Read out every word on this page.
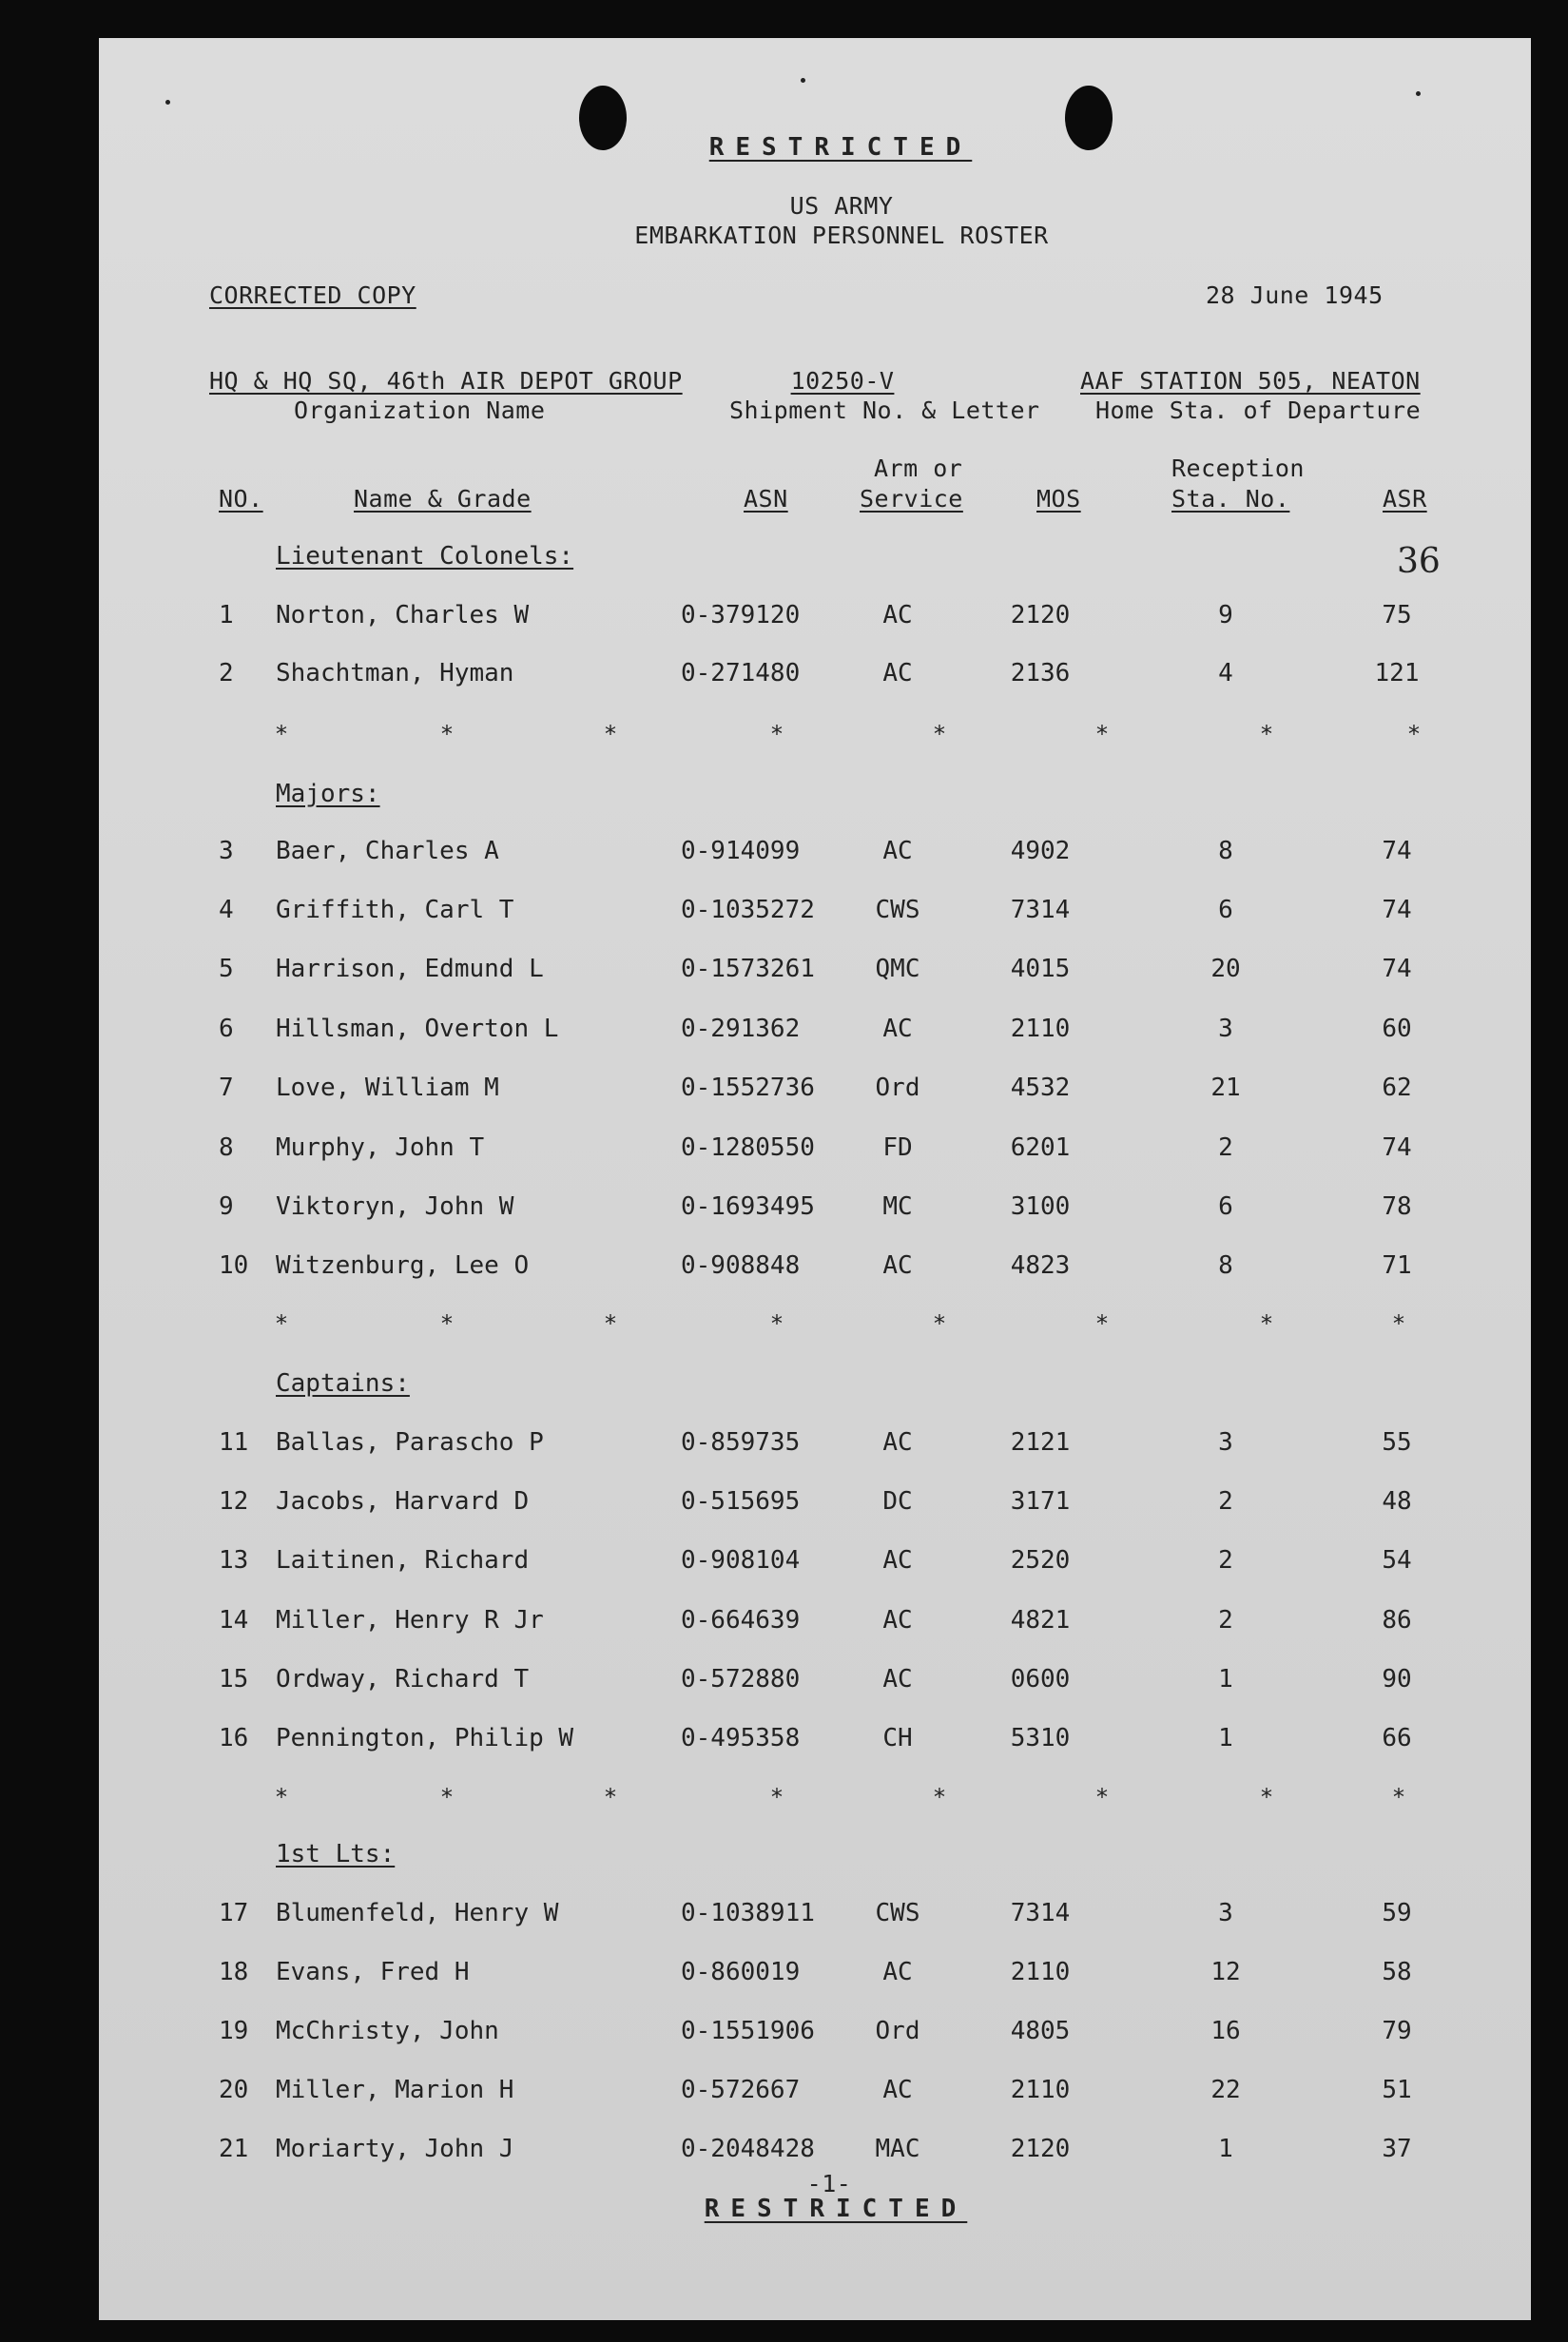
RESTRICTED
US ARMY
EMBARKATION PERSONNEL ROSTER
CORRECTED COPY	28 June 1945
HQ & HQ SQ, 46th AIR DEPOT GROUP
Organization Name
10250-V
Shipment No. & Letter
AAF STATION 505, NEATON
Home Sta. of Departure
NO.	Name & Grade	ASN
Arm or
Service	MOS
Reception
Sta. No.	ASR
Lieutenant Colonels:	36
1 Norton, Charles W	0-379120	AC	2120	9	75
2 Shachtman, Hyman	0-271480	AC	2136	4	121
*	*	*	*	*	*	*	*
Majors:
3 Baer, Charles A	0-914099	AC	4902	8	74
4 Griffith, Carl T	0-1035272 CWS	7314	6	74
5 Harrison, Edmund L	0-1573261 QMC	4015	20	74
6 Hillsman, Overton L	0-291362	AC	2110	3	60
7 Love, William M	0-1552736 Ord	4532	21	62
8 Murphy, John T	0-1280550	FD	6201	2	74
9 Viktoryn, John W	0-1693495	MC	3100	6	78
10 Witzenburg, Lee O	0-908848	AC	4823	8	71
*	*	*	*	*	*	*	*
Captains:
11 Ballas, Parascho P	0-859735	AC	2121	3	55
12 Jacobs, Harvard D	0-515695	DC	3171	2	48
13 Laitinen, Richard	0-908104	AC	2520	2	54
14 Miller, Henry R Jr	0-664639	AC	4821	2	86
15 Ordway, Richard T	0-572880	AC	0600	1	90
16 Pennington, Philip W	0-495358	CH	5310	1	66
*	*	*	*	*	*	*	*
1st Lts:
17 Blumenfeld, Henry W	0-1038911 CWS	7314	3	59
18 Evans, Fred H	0-860019	AC	2110	12	58
19 McChristy, John	0-1551906 Ord	4805	16	79
20 Miller, Marion H	0-572667	AC	2110	22	51
21 Moriarty, John J	0-2048428 MAC	2120	1	37
-1-
RESTRICTED
